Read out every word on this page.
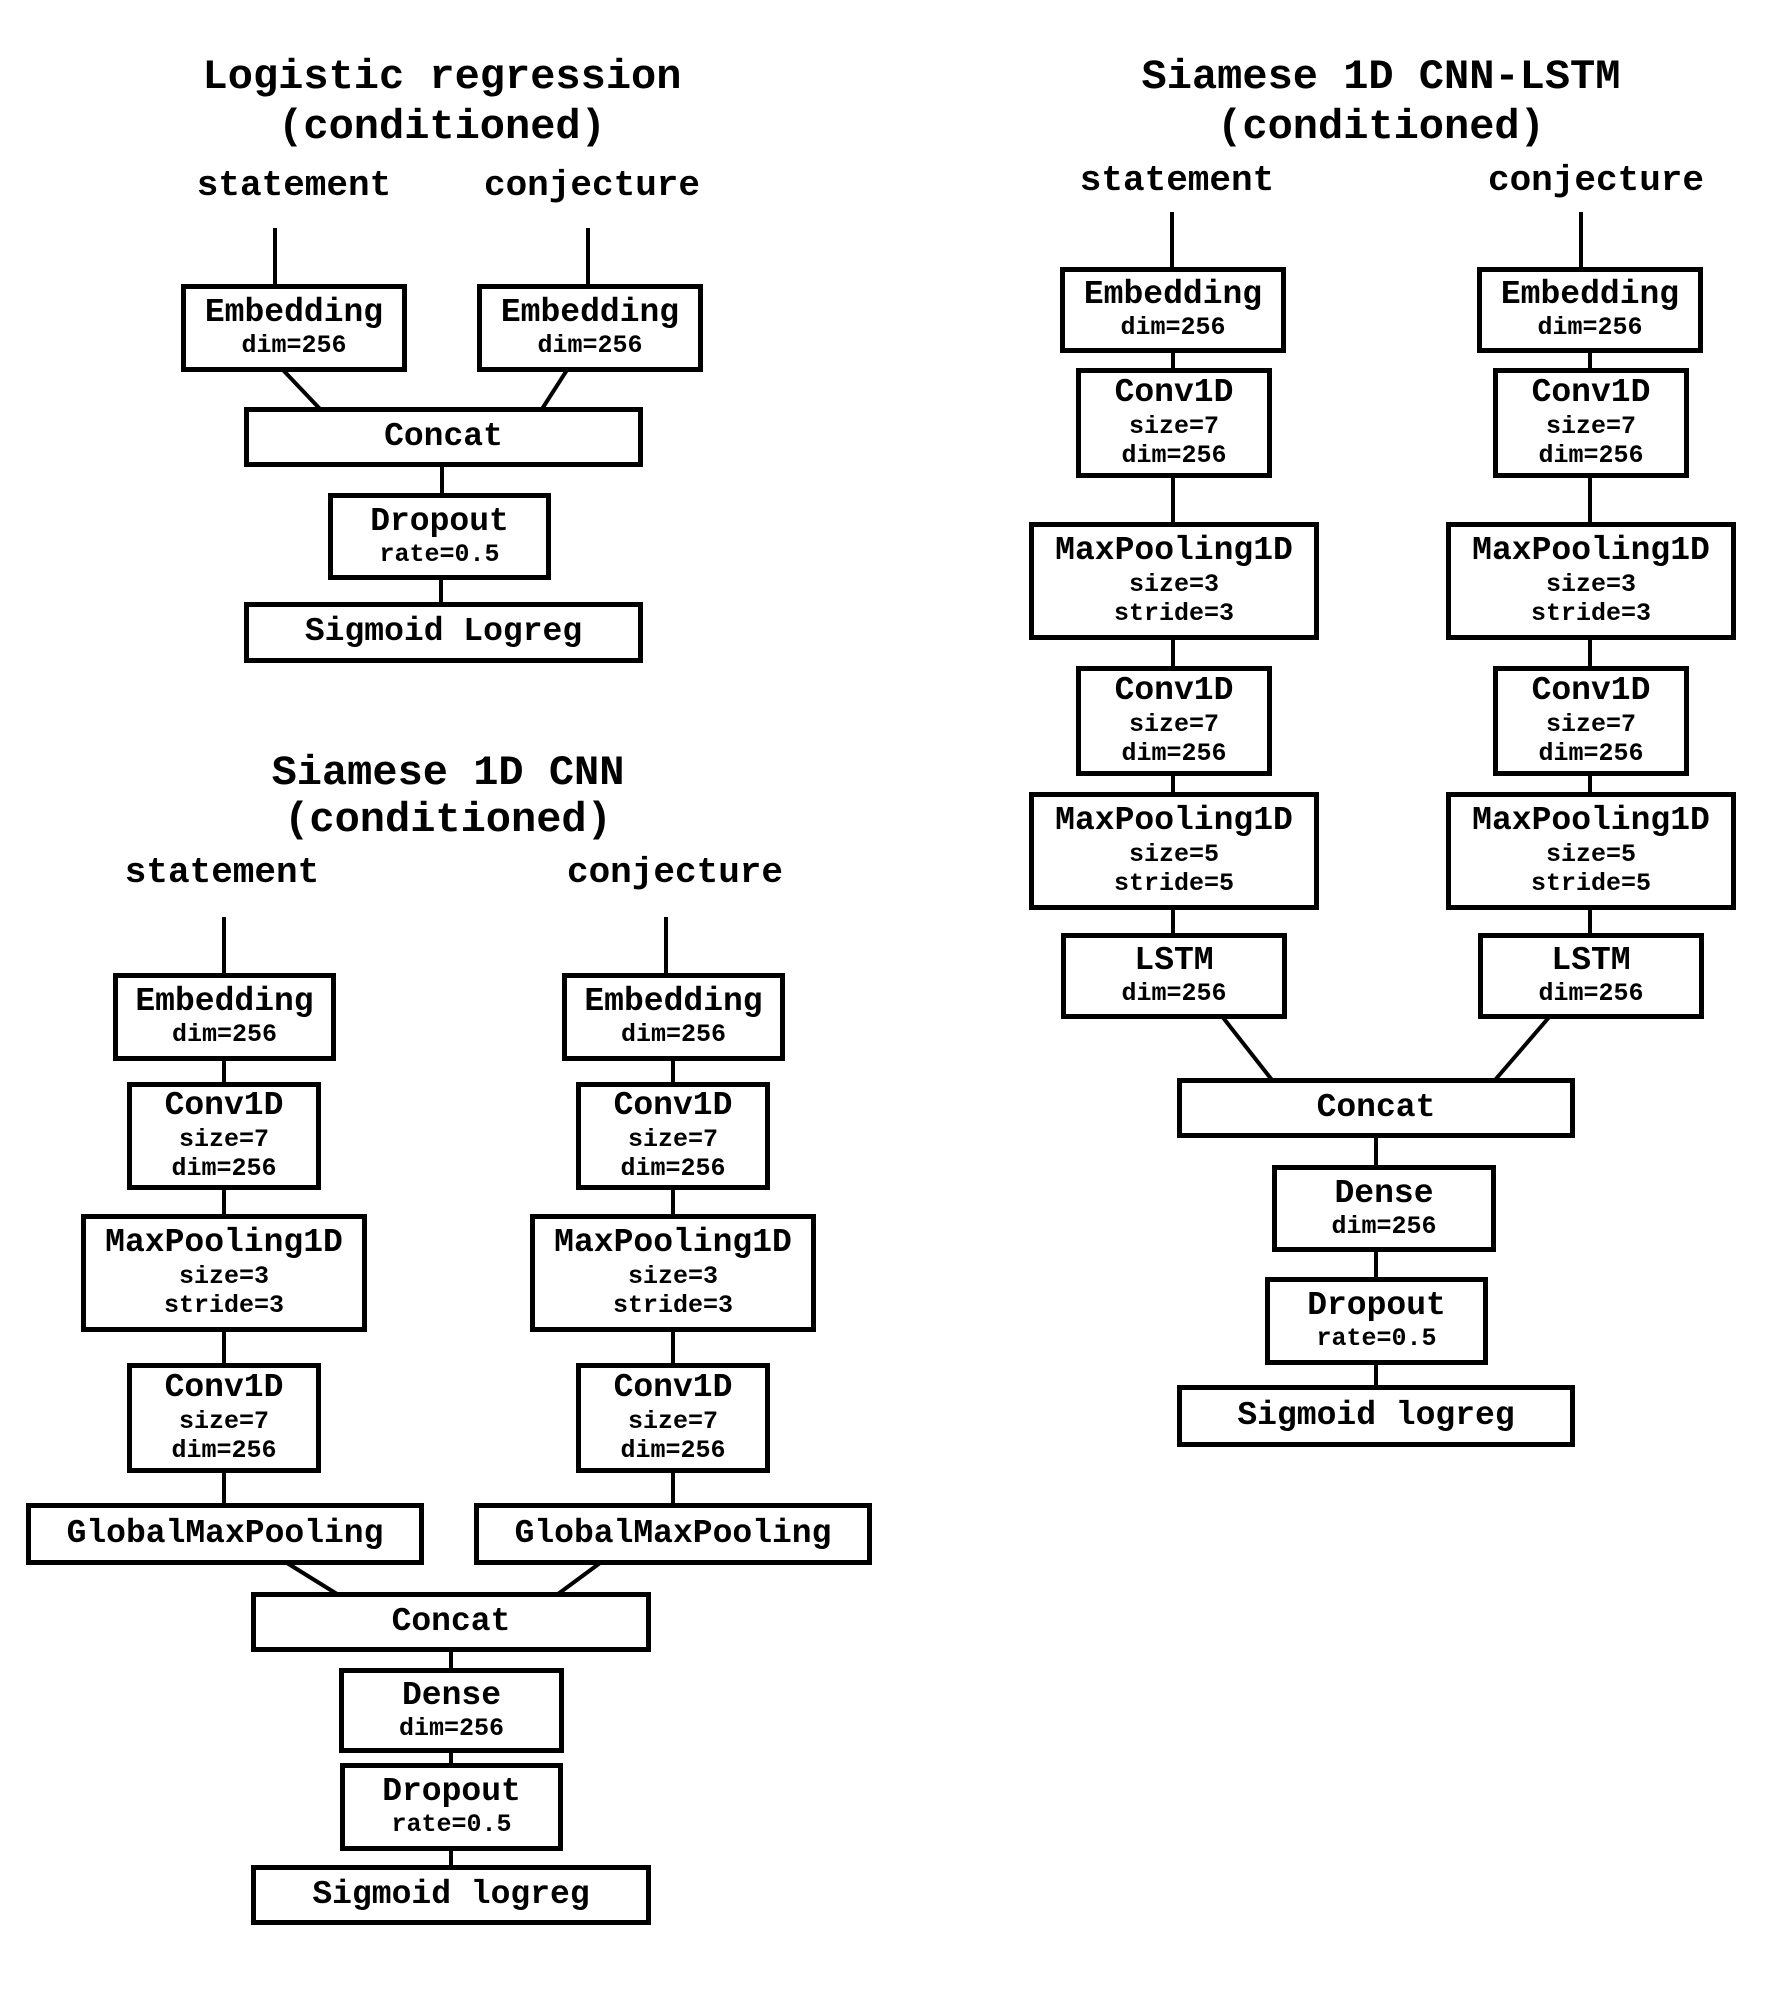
Logistic regression
(conditioned)
statement	conjecture
Embedding
dim=256
Embedding
dim=256
Concat
Dropout
rate=0.5
Sigmoid Logreg
Siamese 1D CNN
(conditioned)
statement	conjecture
Embedding
dim=256
Conv1D
size=7
dim=256
MaxPooling1D
size=3
stride=3
Conv1D
size=7
dim=256
GlobalMaxPooling
Embedding
dim=256
Conv1D
size=7
dim=256
MaxPooling1D
size=3
stride=3
Conv1D
size=7
dim=256
GlobalMaxPooling
Concat
Dense
dim=256
Dropout
rate=0.5
Sigmoid logreg
Siamese 1D CNN-LSTM
(conditioned)
statement	conjecture
Embedding
dim=256
Conv1D
size=7
dim=256
MaxPooling1D
size=3
stride=3
Conv1D
size=7
dim=256
MaxPooling1D
size=5
stride=5
LSTM
dim=256
Embedding
dim=256
Conv1D
size=7
dim=256
MaxPooling1D
size=3
stride=3
Conv1D
size=7
dim=256
MaxPooling1D
size=5
stride=5
LSTM
dim=256
Concat
Dense
dim=256
Dropout
rate=0.5
Sigmoid logreg
